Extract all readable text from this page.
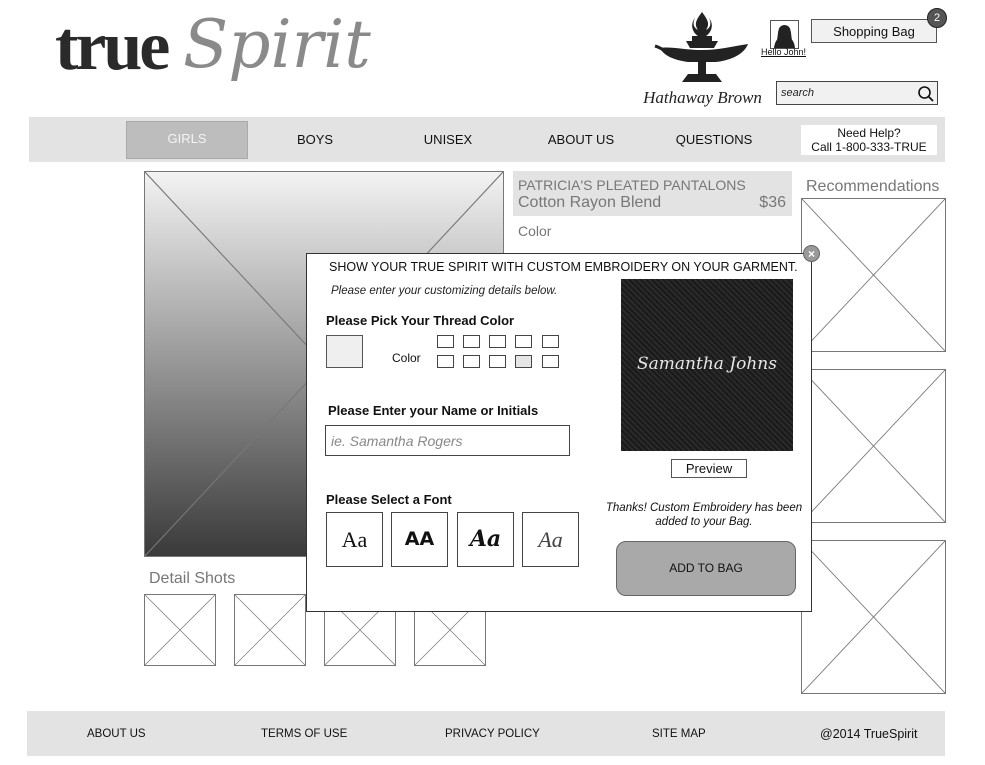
true Spirit
Hathaway Brown
Hello John!
Shopping Bag
2
search
GIRLS	BOYS	UNISEX	ABOUT US	QUESTIONS	Need Help?
Call 1-800-333-TRUE
Detail Shots
PATRICIA'S PLEATED PANTALONS
Cotton Rayon Blend	$36
Color
Recommendations
SHOW YOUR TRUE SPIRIT WITH CUSTOM EMBROIDERY ON YOUR GARMENT.
Please enter your customizing details below.
Please Pick Your Thread Color
Color
Please Enter your Name or Initials
ie. Samantha Rogers
Please Select a Font
Aa	AA	Aa	Aa
Samantha Johns
Preview
Thanks! Custom Embroidery has been added to your Bag.
ADD TO BAG
×
ABOUT US	TERMS OF USE	PRIVACY POLICY	SITE MAP	@2014 TrueSpirit
